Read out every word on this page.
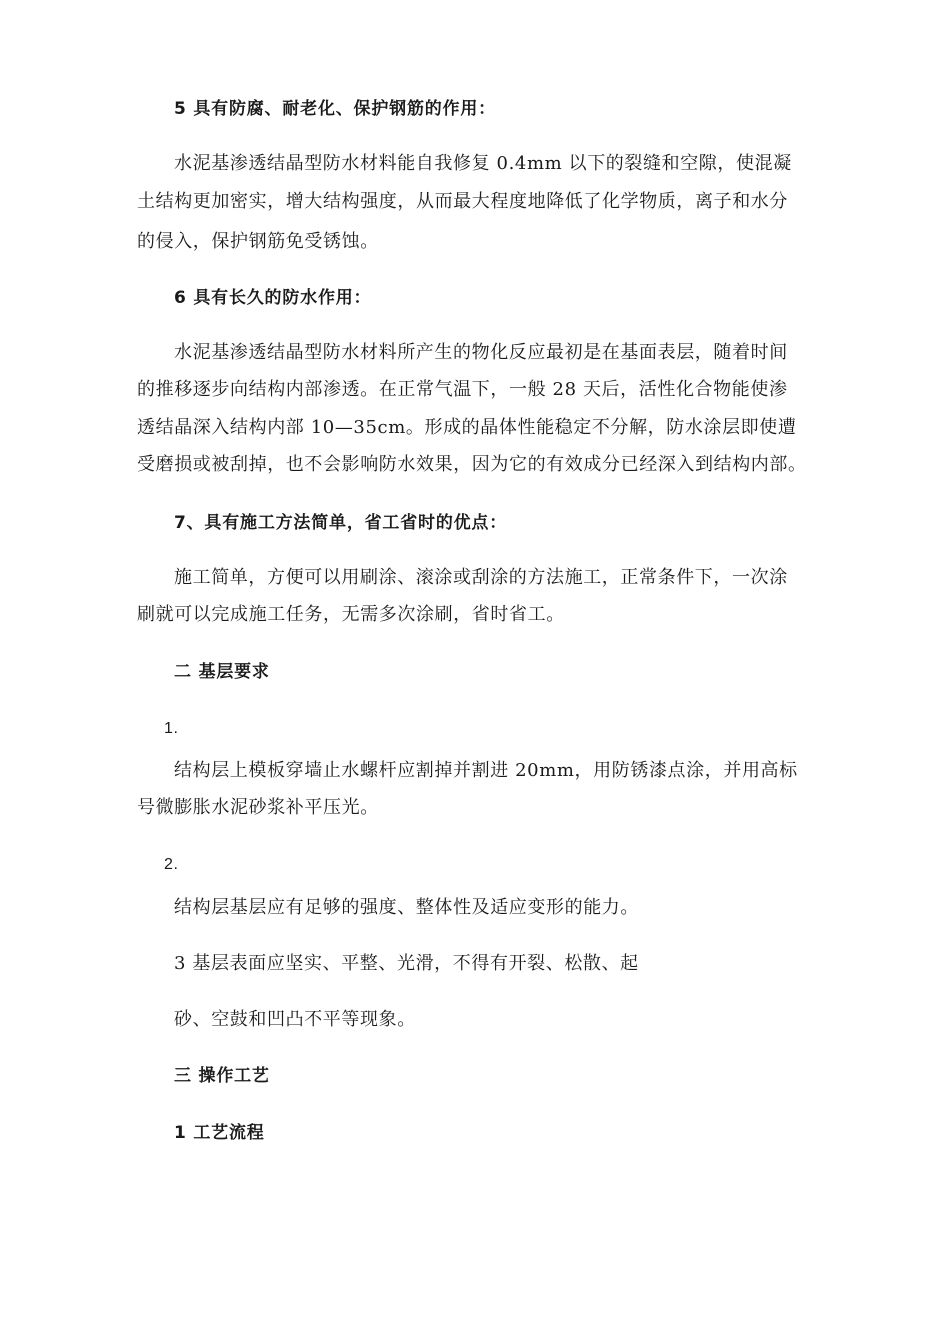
5 具有防腐、耐老化、保护钢筋的作用：
水泥基渗透结晶型防水材料能自我修复 0.4mm 以下的裂缝和空隙，使混凝
土结构更加密实，增大结构强度，从而最大程度地降低了化学物质，离子和水分
的侵入，保护钢筋免受锈蚀。
6 具有长久的防水作用：
水泥基渗透结晶型防水材料所产生的物化反应最初是在基面表层，随着时间
的推移逐步向结构内部渗透。在正常气温下，一般 28 天后，活性化合物能使渗
透结晶深入结构内部 10—35cm。形成的晶体性能稳定不分解，防水涂层即使遭
受磨损或被刮掉，也不会影响防水效果，因为它的有效成分已经深入到结构内部。
7、具有施工方法简单，省工省时的优点：
施工简单，方便可以用刷涂、滚涂或刮涂的方法施工，正常条件下，一次涂
刷就可以完成施工任务，无需多次涂刷，省时省工。
二 基层要求
1.
结构层上模板穿墙止水螺杆应割掉并割进 20mm，用防锈漆点涂，并用高标
号微膨胀水泥砂浆补平压光。
2.
结构层基层应有足够的强度、整体性及适应变形的能力。
3 基层表面应坚实、平整、光滑，不得有开裂、松散、起
砂、空鼓和凹凸不平等现象。
三 操作工艺
1 工艺流程
